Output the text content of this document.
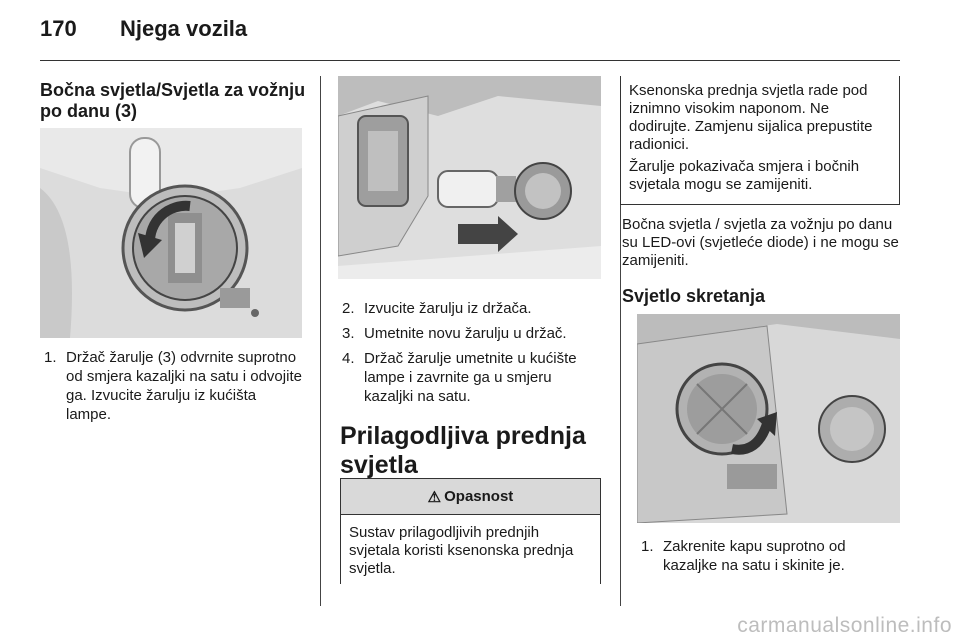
170 Njega vozila
Bočna svjetla/Svjetla za vožnju po danu (3)
1. Držač žarulje (3) odvrnite suprotno od smjera kazaljki na satu i odvojite ga. Izvucite žarulju iz kućišta lampe.
2. Izvucite žarulju iz držača.
3. Umetnite novu žarulju u držač.
4. Držač žarulje umetnite u kućište lampe i zavrnite ga u smjeru kazaljki na satu.
Prilagodljiva prednja svjetla
⚠ Opasnost
Sustav prilagodljivih prednjih svjetala koristi ksenonska prednja svjetla.

Ksenonska prednja svjetla rade pod iznimno visokim naponom. Ne dodirujte. Zamjenu sijalica prepustite radionici.

Žarulje pokazivača smjera i bočnih svjetala mogu se zamijeniti.

Bočna svjetla / svjetla za vožnju po danu su LED-ovi (svjetleće diode) i ne mogu se zamijeniti.
Svjetlo skretanja
1. Zakrenite kapu suprotno od kazaljke na satu i skinite je.
carmanualsonline.info
